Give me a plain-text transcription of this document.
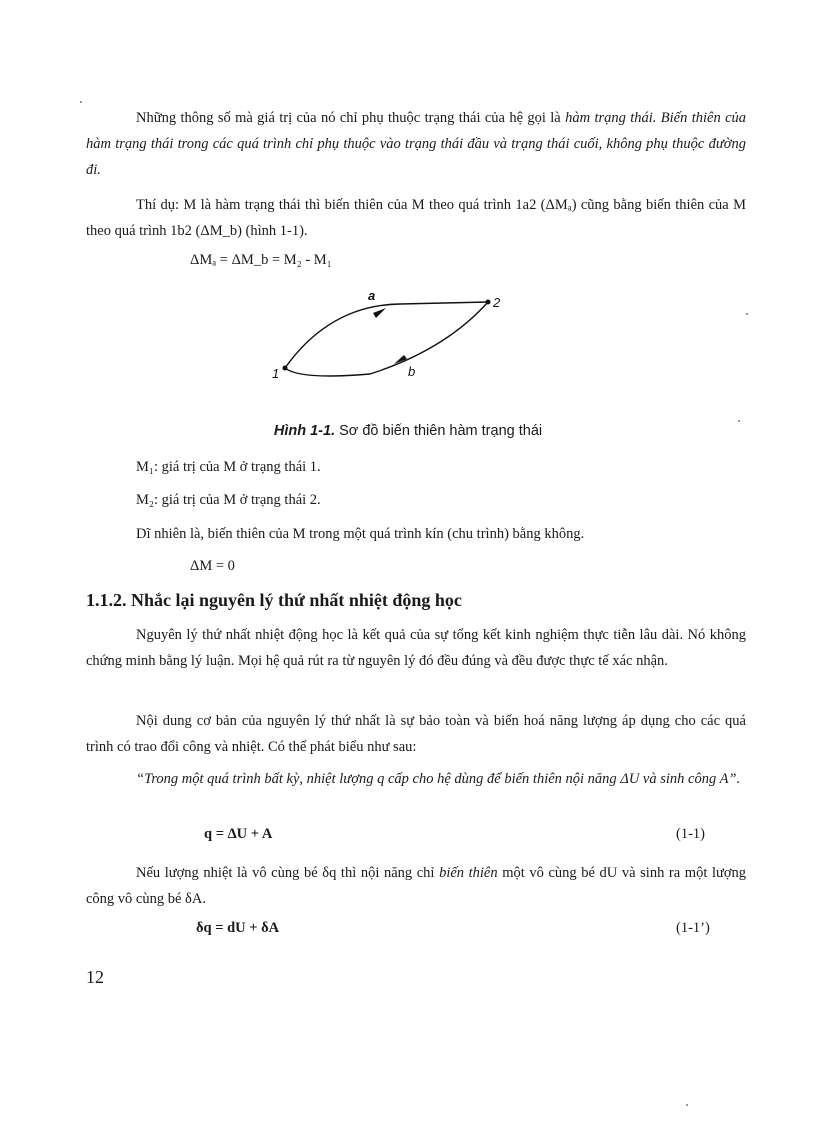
Những thông số mà giá trị của nó chỉ phụ thuộc trạng thái của hệ gọi là hàm trạng thái. Biến thiên của hàm trạng thái trong các quá trình chỉ phụ thuộc vào trạng thái đầu và trạng thái cuối, không phụ thuộc đường đi.

Thí dụ: M là hàm trạng thái thì biến thiên của M theo quá trình 1a2 (ΔMₐ) cũng bằng biến thiên của M theo quá trình 1b2 (ΔM_b) (hình 1-1).

ΔMₐ = ΔM_b = M₂ - M₁
a	2
1	b
Hình 1-1. Sơ đồ biến thiên hàm trạng thái
M₁: giá trị của M ở trạng thái 1.
M₂: giá trị của M ở trạng thái 2.
Dĩ nhiên là, biến thiên của M trong một quá trình kín (chu trình) bằng không.
ΔM = 0
1.1.2. Nhắc lại nguyên lý thứ nhất nhiệt động học

Nguyên lý thứ nhất nhiệt động học là kết quả của sự tổng kết kinh nghiệm thực tiễn lâu dài. Nó không chứng minh bằng lý luận. Mọi hệ quả rút ra từ nguyên lý đó đều đúng và đều được thực tế xác nhận.

Nội dung cơ bản của nguyên lý thứ nhất là sự bảo toàn và biến hoá năng lượng áp dụng cho các quá trình có trao đổi công và nhiệt. Có thể phát biểu như sau:

“Trong một quá trình bất kỳ, nhiệt lượng q cấp cho hệ dùng để biến thiên nội năng ΔU và sinh công A”.

q = ΔU + A	(1-1)

Nếu lượng nhiệt là vô cùng bé δq thì nội năng chỉ biến thiên một vô cùng bé dU và sinh ra một lượng công vô cùng bé δA.

δq = dU + δA	(1-1’)
12
